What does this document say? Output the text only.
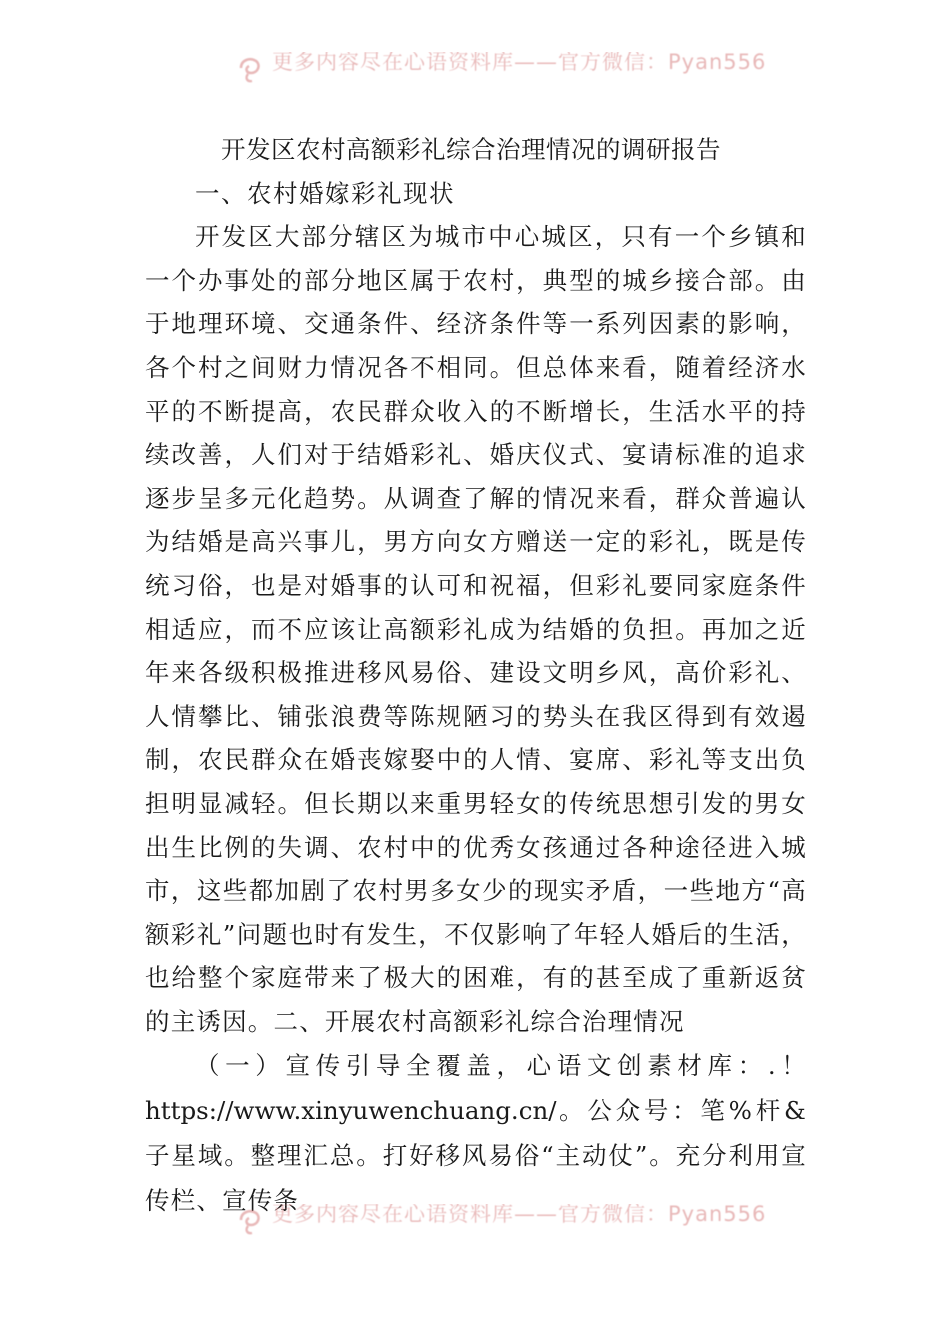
更多内容尽在心语资料库——官方微信：Pyan556
开发区农村高额彩礼综合治理情况的调研报告
一、农村婚嫁彩礼现状

开发区大部分辖区为城市中心城区，只有一个乡镇和一个办事处的部分地区属于农村，典型的城乡接合部。由于地理环境、交通条件、经济条件等一系列因素的影响，各个村之间财力情况各不相同。但总体来看，随着经济水平的不断提高，农民群众收入的不断增长，生活水平的持续改善，人们对于结婚彩礼、婚庆仪式、宴请标准的追求逐步呈多元化趋势。从调查了解的情况来看，群众普遍认为结婚是高兴事儿，男方向女方赠送一定的彩礼，既是传统习俗，也是对婚事的认可和祝福，但彩礼要同家庭条件相适应，而不应该让高额彩礼成为结婚的负担。再加之近年来各级积极推进移风易俗、建设文明乡风，高价彩礼、人情攀比、铺张浪费等陈规陋习的势头在我区得到有效遏制，农民群众在婚丧嫁娶中的人情、宴席、彩礼等支出负担明显减轻。但长期以来重男轻女的传统思想引发的男女出生比例的失调、农村中的优秀女孩通过各种途径进入城市，这些都加剧了农村男多女少的现实矛盾，一些地方“高额彩礼”问题也时有发生，不仅影响了年轻人婚后的生活，也给整个家庭带来了极大的困难，有的甚至成了重新返贫的主诱因。二、开展农村高额彩礼综合治理情况

（一）宣传引导全覆盖，心语文创素材库：.！ https://www.xinyuwenchuang.cn/。公众号：笔%杆&子星域。整理汇总。打好移风易俗“主动仗”。充分利用宣传栏、宣传条

更多内容尽在心语资料库——官方微信：Pyan556
